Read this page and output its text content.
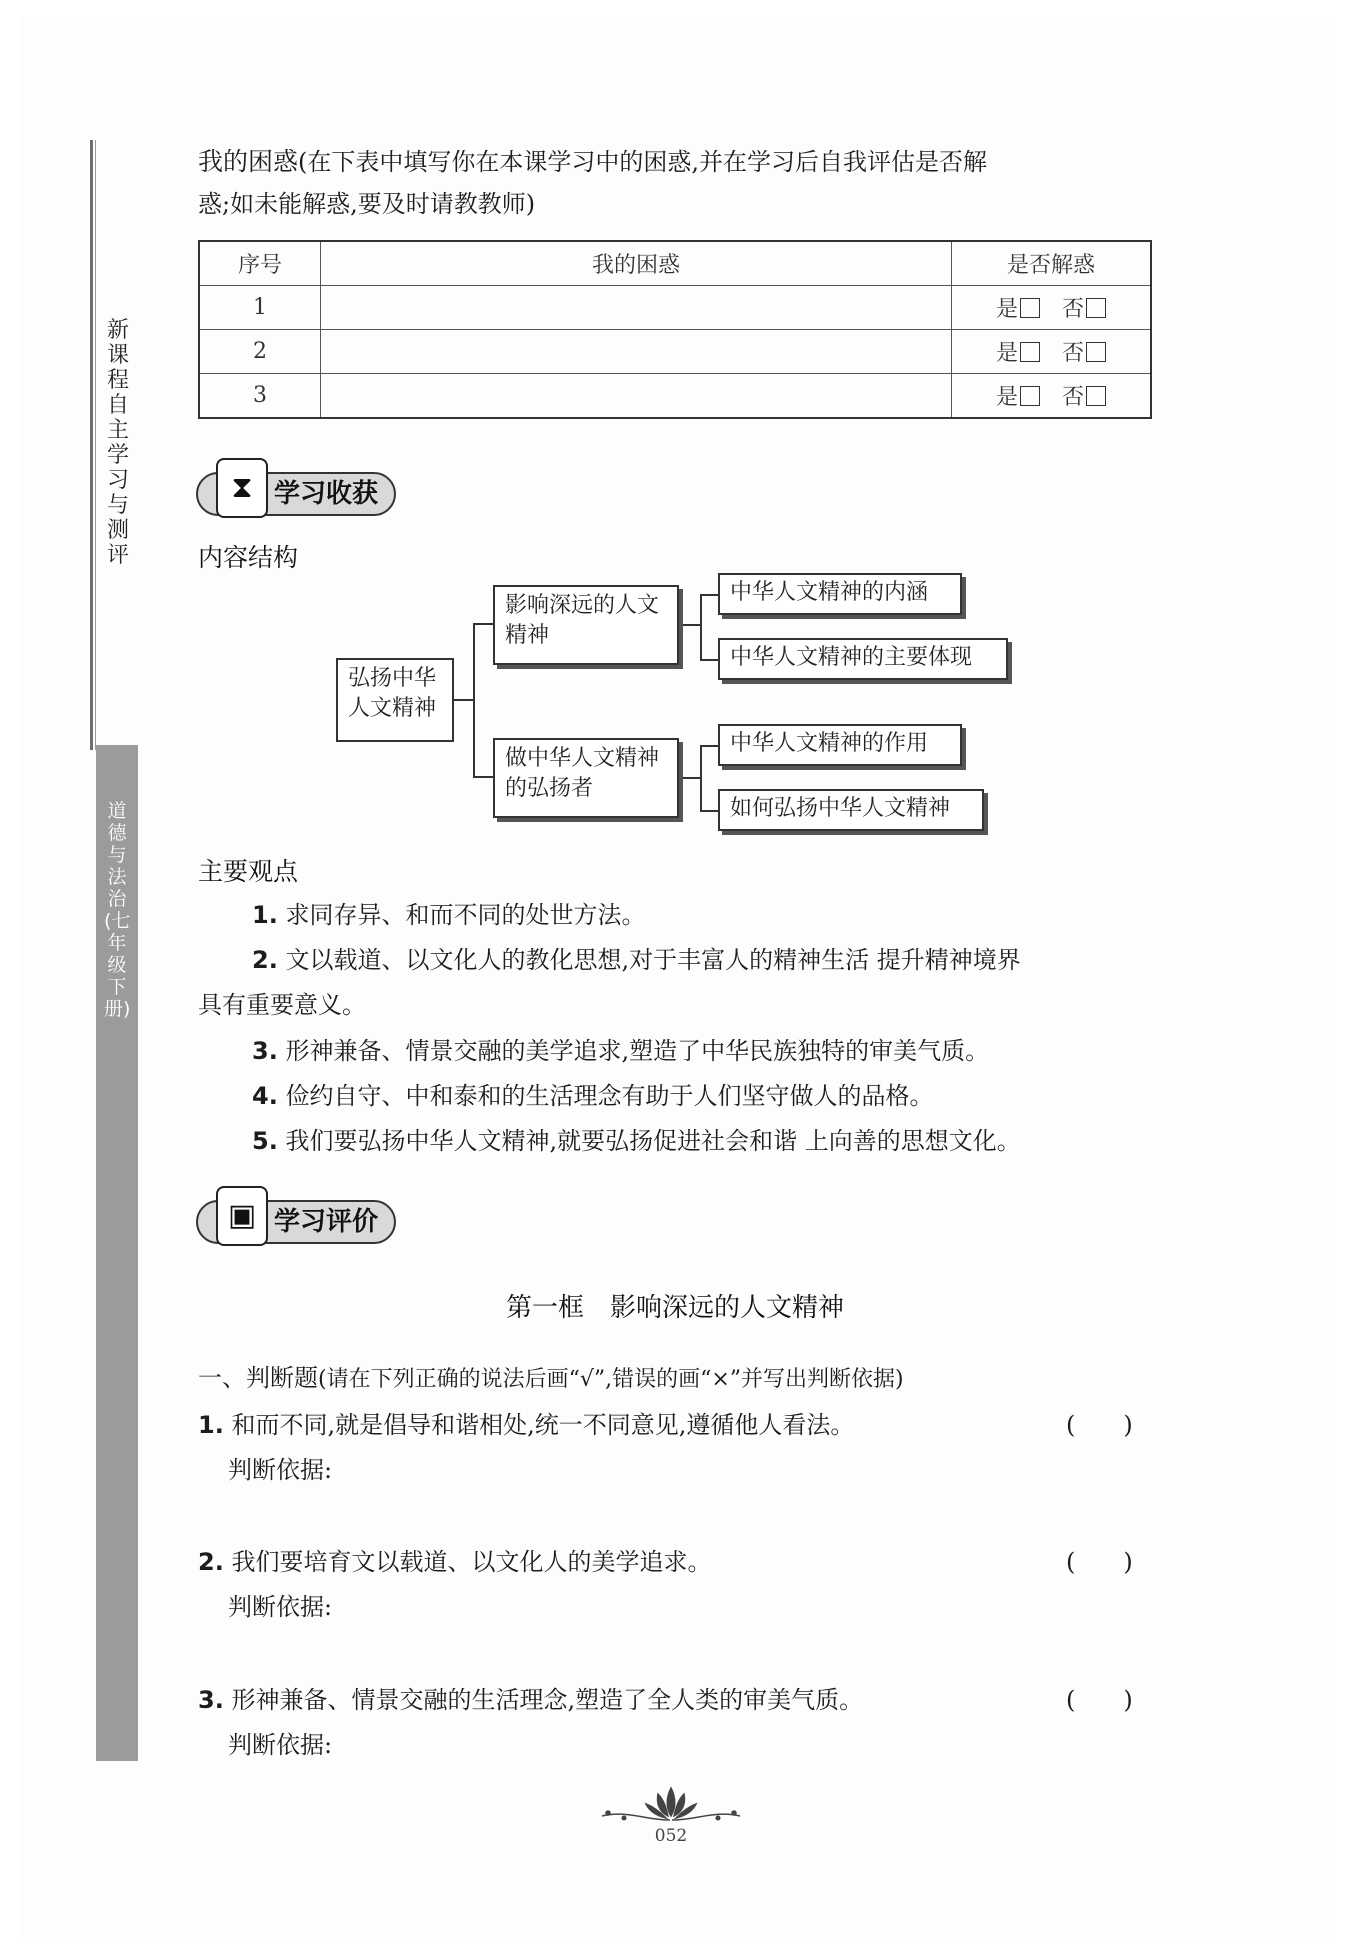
新课程自主学习与测评
道德与法治(七年级下册)
我的困惑(在下表中填写你在本课学习中的困惑,并在学习后自我评估是否解
惑;如未能解惑,要及时请教教师)
序号	我的困惑	是否解惑
1		是 否
2		是 否
3		是 否
⧗ 学习收获
内容结构
弘扬中华人文精神
影响深远的人文精神
做中华人文精神的弘扬者
中华人文精神的内涵
中华人文精神的主要体现
中华人文精神的作用
如何弘扬中华人文精神
主要观点
1. 求同存异、和而不同的处世方法。
2. 文以载道、以文化人的教化思想,对于丰富人的精神生活 提升精神境界
具有重要意义。
3. 形神兼备、情景交融的美学追求,塑造了中华民族独特的审美气质。
4. 俭约自守、中和泰和的生活理念有助于人们坚守做人的品格。
5. 我们要弘扬中华人文精神,就要弘扬促进社会和谐 上向善的思想文化。
▣ 学习评价
第一框　影响深远的人文精神
一、判断题(请在下列正确的说法后画“√”,错误的画“×”并写出判断依据)
1. 和而不同,就是倡导和谐相处,统一不同意见,遵循他人看法。	(　　)
判断依据:
2. 我们要培育文以载道、以文化人的美学追求。	(　　)
判断依据:
3. 形神兼备、情景交融的生活理念,塑造了全人类的审美气质。	(　　)
判断依据:
052
